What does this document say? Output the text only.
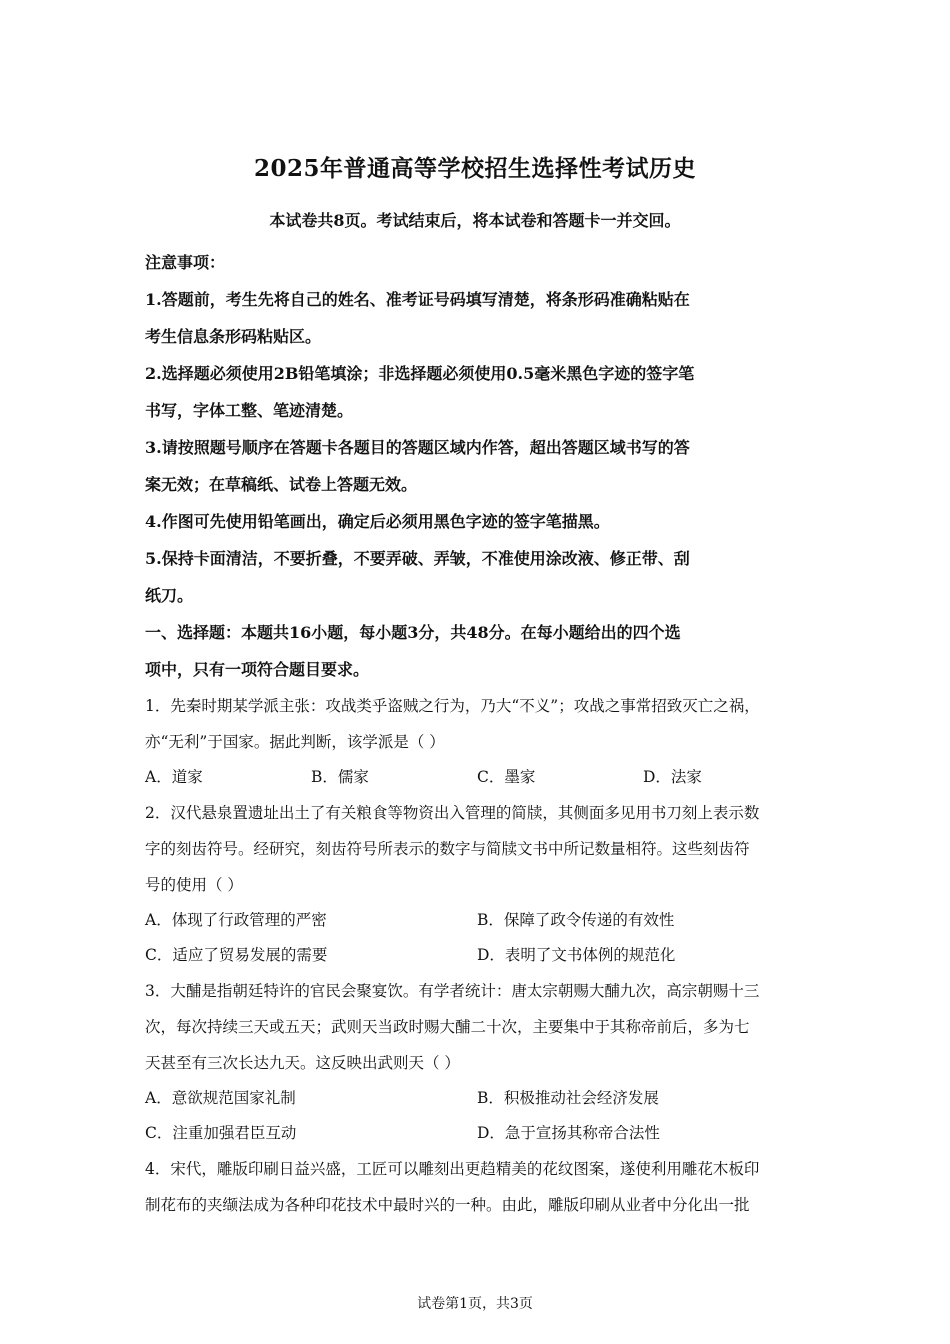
2025年普通高等学校招生选择性考试历史
本试卷共8页。考试结束后，将本试卷和答题卡一并交回。
注意事项：
1.答题前，考生先将自己的姓名、准考证号码填写清楚，将条形码准确粘贴在
考生信息条形码粘贴区。
2.选择题必须使用2B铅笔填涂；非选择题必须使用0.5毫米黑色字迹的签字笔
书写，字体工整、笔迹清楚。
3.请按照题号顺序在答题卡各题目的答题区域内作答，超出答题区域书写的答
案无效；在草稿纸、试卷上答题无效。
4.作图可先使用铅笔画出，确定后必须用黑色字迹的签字笔描黑。
5.保持卡面清洁，不要折叠，不要弄破、弄皱，不准使用涂改液、修正带、刮
纸刀。
一、选择题：本题共16小题，每小题3分，共48分。在每小题给出的四个选
项中，只有一项符合题目要求。
1．先秦时期某学派主张：攻战类乎盗贼之行为，乃大“不义”；攻战之事常招致灭亡之祸，
亦“无利”于国家。据此判断，该学派是（ ）
A．道家	B．儒家	C．墨家	D．法家
2．汉代悬泉置遗址出土了有关粮食等物资出入管理的简牍，其侧面多见用书刀刻上表示数
字的刻齿符号。经研究，刻齿符号所表示的数字与简牍文书中所记数量相符。这些刻齿符
号的使用（ ）
A．体现了行政管理的严密	B．保障了政令传递的有效性
C．适应了贸易发展的需要	D．表明了文书体例的规范化
3．大酺是指朝廷特许的官民会聚宴饮。有学者统计：唐太宗朝赐大酺九次，高宗朝赐十三
次，每次持续三天或五天；武则天当政时赐大酺二十次，主要集中于其称帝前后，多为七
天甚至有三次长达九天。这反映出武则天（ ）
A．意欲规范国家礼制	B．积极推动社会经济发展
C．注重加强君臣互动	D．急于宣扬其称帝合法性
4．宋代，雕版印刷日益兴盛，工匠可以雕刻出更趋精美的花纹图案，遂使利用雕花木板印
制花布的夹缬法成为各种印花技术中最时兴的一种。由此，雕版印刷从业者中分化出一批
试卷第1页，共3页
